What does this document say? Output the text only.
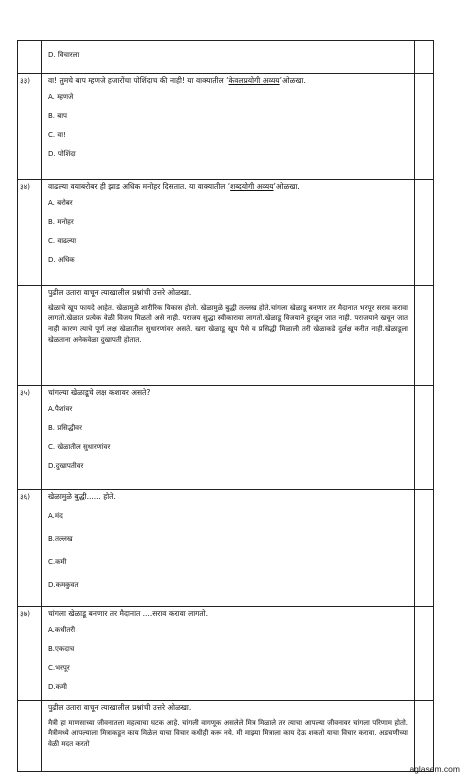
D. विचारला

३३)	वा! तुमचे बाप म्हणजे हजारोंचा पोशिंदाच की नाही! या वाक्यातील ‘केवलप्रयोगी अव्यय’ओळखा.

A. म्हणजे

B. बाप

C. वा!

D. पोशिंदा

३४)	वाढल्या वयाबरोबर ही झाड अधिक मनोहर दिसतात. या वाक्यातील ‘शब्दयोगी अव्यय’ओळखा.

A. बरोबर

B. मनोहर

C. वाढल्या

D. अधिक

पुढील उतारा वाचून त्याखालील प्रश्नांची उत्तरे ओळखा.

खेळाचे खूप फायदे आहेत. खेळामुळे शारीरिक विकास होतो. खेळामुळे बुद्धी तल्लख होते.चांगला खेळाडू बनणार तर मैदानात भरपूर सराव करावा लागतो.खेळात प्रत्येक वेळी विजय मिळतो असे नाही. पराजय सुद्धा स्वीकारावा लागतो.खेळाडू विजयाने हुरळून जात नाही. पराजयाने खचून जात नाही कारण त्याचे पूर्ण लक्ष खेळातील सुधारणांवर असते. खरा खेळाडू खूप पैसे व प्रसिद्धी मिळाली तरी खेळाकडे दुर्लक्ष करीत नाही.खेळाडूला खेळताना अनेकवेळा दुखापती होतात.

३५)	चांगल्या खेळाडूचे लक्ष कशावर असते?

A.पैशांवर

B. प्रसिद्धीवर

C. खेळातील सुधारणांवर

D.दुखापतीवर

३६)	खेळामुळे बुद्धी...... होते.

A.मंद

B.तल्लख

C.कमी

D.कमकुवत

३७)	चांगला खेळाडू बनणार तर मैदानात ....सराव करावा लागतो.

A.कधीतरी

B.एकदाच

C.भरपूर

D.कमी

पुढील उतारा वाचून त्याखालील प्रश्नांची उत्तरे ओळखा.

मैत्री हा माणसाच्या जीवनातला महत्वाचा घटक आहे. चांगली वागणूक असलेले मित्र मिळाले तर त्याचा आपल्या जीवनावर चांगला परिणाम होतो. मैत्रीमध्ये आपल्याला मित्राकडून काय मिळेल याचा विचार कधीही करू नये. मी माझ्या मित्राला काय देऊ शकतो याचा विचार करावा. अडचणीच्या वेळी मदत करतो

aglasem.com
